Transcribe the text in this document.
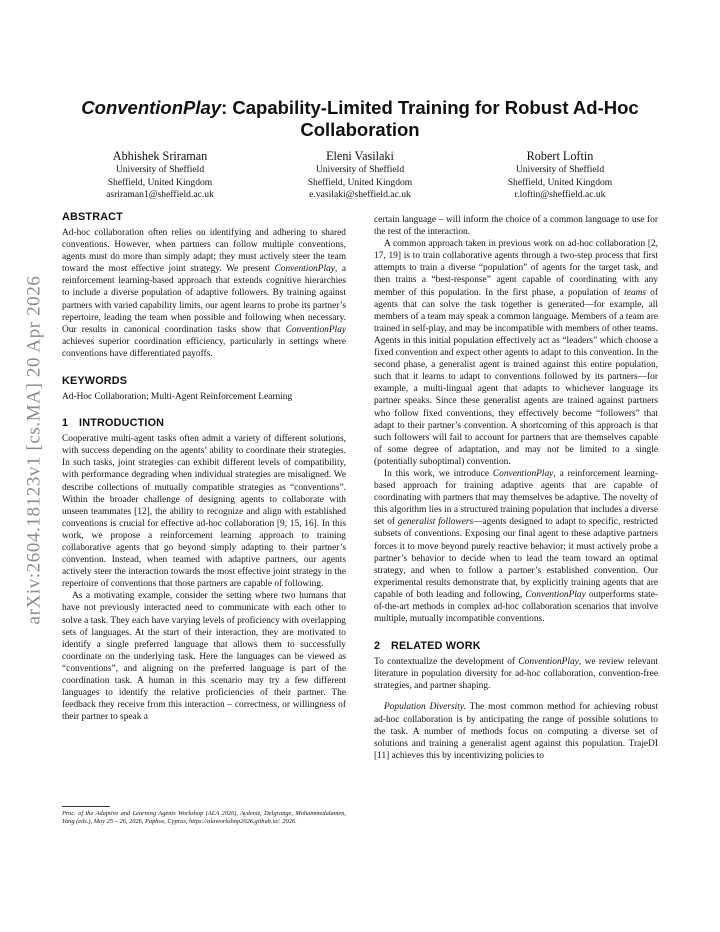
arXiv:2604.18123v1 [cs.MA] 20 Apr 2026
ConventionPlay: Capability-Limited Training for Robust Ad-Hoc Collaboration
Abhishek Sriraman
University of Sheffield
Sheffield, United Kingdom
asriraman1@sheffield.ac.uk
Eleni Vasilaki
University of Sheffield
Sheffield, United Kingdom
e.vasilaki@sheffield.ac.uk
Robert Loftin
University of Sheffield
Sheffield, United Kingdom
r.loftin@sheffield.ac.uk
ABSTRACT

Ad-hoc collaboration often relies on identifying and adhering to shared conventions. However, when partners can follow multiple conventions, agents must do more than simply adapt; they must actively steer the team toward the most effective joint strategy. We present ConventionPlay, a reinforcement learning-based approach that extends cognitive hierarchies to include a diverse population of adaptive followers. By training against partners with varied capability limits, our agent learns to probe its partner’s repertoire, leading the team when possible and following when necessary. Our results in canonical coordination tasks show that ConventionPlay achieves superior coordination efficiency, particularly in settings where conventions have differentiated payoffs.

KEYWORDS

Ad-Hoc Collaboration; Multi-Agent Reinforcement Learning

1 INTRODUCTION

Cooperative multi-agent tasks often admit a variety of different solutions, with success depending on the agents’ ability to coordinate their strategies. In such tasks, joint strategies can exhibit different levels of compatibility, with performance degrading when individual strategies are misaligned. We describe collections of mutually compatible strategies as “conventions”. Within the broader challenge of designing agents to collaborate with unseen teammates [12], the ability to recognize and align with established conventions is crucial for effective ad-hoc collaboration [9, 15, 16]. In this work, we propose a reinforcement learning approach to training collaborative agents that go beyond simply adapting to their partner’s convention. Instead, when teamed with adaptive partners, our agents actively steer the interaction towards the most effective joint strategy in the repertoire of conventions that those partners are capable of following.

As a motivating example, consider the setting where two humans that have not previously interacted need to communicate with each other to solve a task. They each have varying levels of proficiency with overlapping sets of languages. At the start of their interaction, they are motivated to identify a single preferred language that allows them to successfully coordinate on the underlying task. Here the languages can be viewed as “conventions”, and aligning on the preferred language is part of the coordination task. A human in this scenario may try a few different languages to identify the relative proficiencies of their partner. The feedback they receive from this interaction – correctness, or willingness of their partner to speak a

Proc. of the Adaptive and Learning Agents Workshop (ALA 2026), Aydeniz, Delgrange, Mohammedalamen, Yang (eds.), May 25 – 26, 2026, Paphos, Cyprus, https://alaworkshop2026.github.io/. 2026.

certain language – will inform the choice of a common language to use for the rest of the interaction.

A common approach taken in previous work on ad-hoc collaboration [2, 17, 19] is to train collaborative agents through a two-step process that first attempts to train a diverse “population” of agents for the target task, and then trains a “best-response” agent capable of coordinating with any member of this population. In the first phase, a population of teams of agents that can solve the task together is generated—for example, all members of a team may speak a common language. Members of a team are trained in self-play, and may be incompatible with members of other teams. Agents in this initial population effectively act as “leaders” which choose a fixed convention and expect other agents to adapt to this convention. In the second phase, a generalist agent is trained against this entire population, such that it learns to adapt to conventions followed by its partners—for example, a multi-lingual agent that adapts to whichever language its partner speaks. Since these generalist agents are trained against partners who follow fixed conventions, they effectively become “followers” that adapt to their partner’s convention. A shortcoming of this approach is that such followers will fail to account for partners that are themselves capable of some degree of adaptation, and may not be limited to a single (potentially suboptimal) convention.

In this work, we introduce ConventionPlay, a reinforcement learning-based approach for training adaptive agents that are capable of coordinating with partners that may themselves be adaptive. The novelty of this algorithm lies in a structured training population that includes a diverse set of generalist followers—agents designed to adapt to specific, restricted subsets of conventions. Exposing our final agent to these adaptive partners forces it to move beyond purely reactive behavior; it must actively probe a partner’s behavior to decide when to lead the team toward an optimal strategy, and when to follow a partner’s established convention. Our experimental results demonstrate that, by explicitly training agents that are capable of both leading and following, ConventionPlay outperforms state-of-the-art methods in complex ad-hoc collaboration scenarios that involve multiple, mutually incompatible conventions.

2 RELATED WORK

To contextualize the development of ConventionPlay, we review relevant literature in population diversity for ad-hoc collaboration, convention-free strategies, and partner shaping.

Population Diversity. The most common method for achieving robust ad-hoc collaboration is by anticipating the range of possible solutions to the task. A number of methods focus on computing a diverse set of solutions and training a generalist agent against this population. TrajeDI [11] achieves this by incentivizing policies to
